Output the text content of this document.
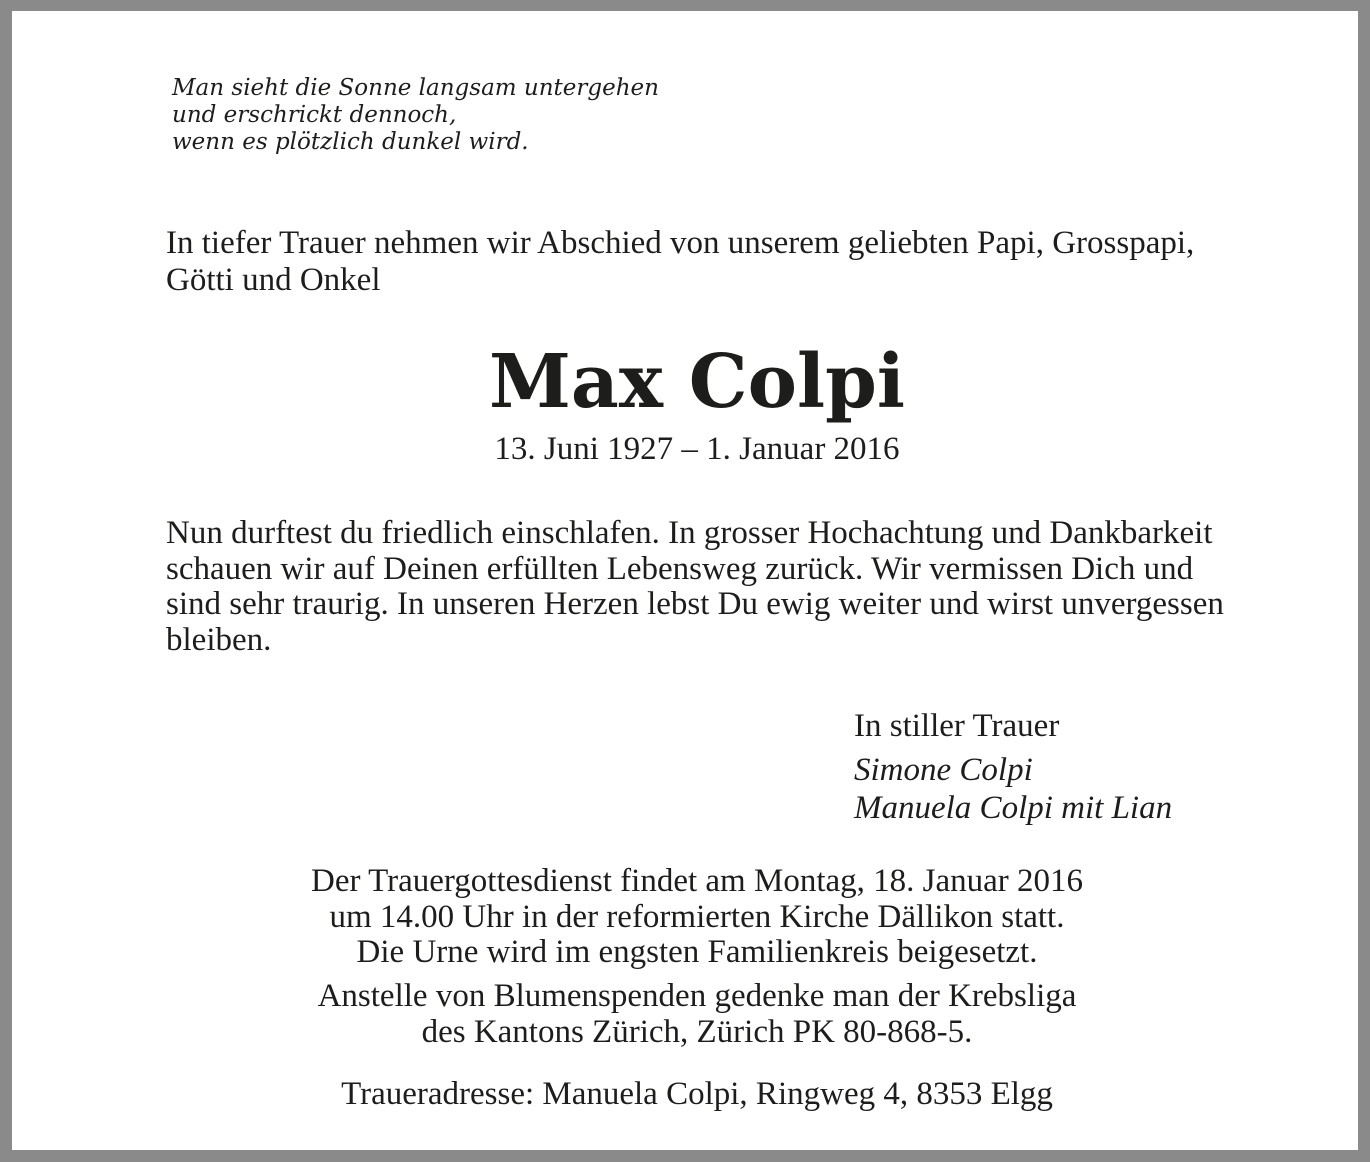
Man sieht die Sonne langsam untergehen
und erschrickt dennoch,
wenn es plötzlich dunkel wird.

In tiefer Trauer nehmen wir Abschied von unserem geliebten Papi, Grosspapi, Götti und Onkel

Max Colpi

13. Juni 1927 – 1. Januar 2016

Nun durftest du friedlich einschlafen. In grosser Hochachtung und Dankbarkeit schauen wir auf Deinen erfüllten Lebensweg zurück. Wir vermissen Dich und sind sehr traurig. In unseren Herzen lebst Du ewig weiter und wirst unvergessen bleiben.

In stiller Trauer
Simone Colpi
Manuela Colpi mit Lian

Der Trauergottesdienst findet am Montag, 18. Januar 2016
um 14.00 Uhr in der reformierten Kirche Dällikon statt.
Die Urne wird im engsten Familienkreis beigesetzt.

Anstelle von Blumenspenden gedenke man der Krebsliga
des Kantons Zürich, Zürich PK 80-868-5.

Traueradresse: Manuela Colpi, Ringweg 4, 8353 Elgg
